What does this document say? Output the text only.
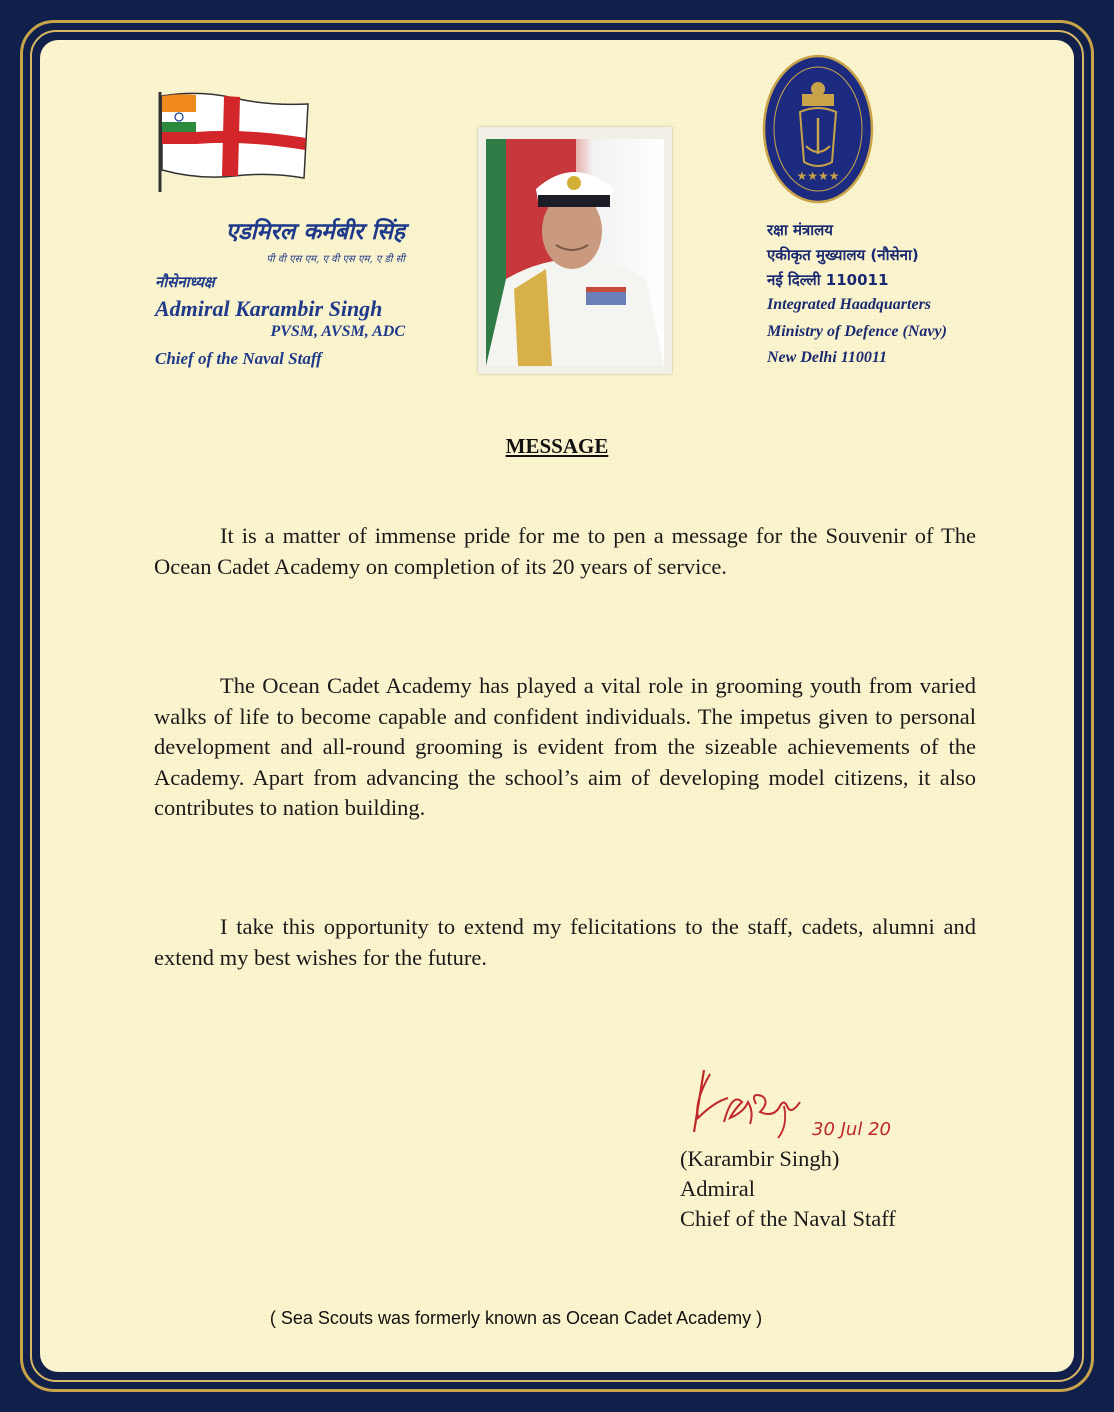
एडमिरल कर्मबीर सिंह
पी वी एस एम, ए वी एस एम, ए डी सी
नौसेनाध्यक्ष
Admiral Karambir Singh
PVSM, AVSM, ADC
Chief of the Naval Staff
★★★★
रक्षा मंत्रालय
एकीकृत मुख्यालय (नौसेना)
नई दिल्ली 110011
Integrated Haadquarters
Ministry of Defence (Navy)
New Delhi 110011
MESSAGE
It is a matter of immense pride for me to pen a message for the Souvenir of The Ocean Cadet Academy on completion of its 20 years of service.
The Ocean Cadet Academy has played a vital role in grooming youth from varied walks of life to become capable and confident individuals. The impetus given to personal development and all-round grooming is evident from the sizeable achievements of the Academy. Apart from advancing the school’s aim of developing model citizens, it also contributes to nation building.
I take this opportunity to extend my felicitations to the staff, cadets, alumni and extend my best wishes for the future.
30 Jul 20
(Karambir Singh)
Admiral
Chief of the Naval Staff
( Sea Scouts was formerly known as Ocean Cadet Academy )
